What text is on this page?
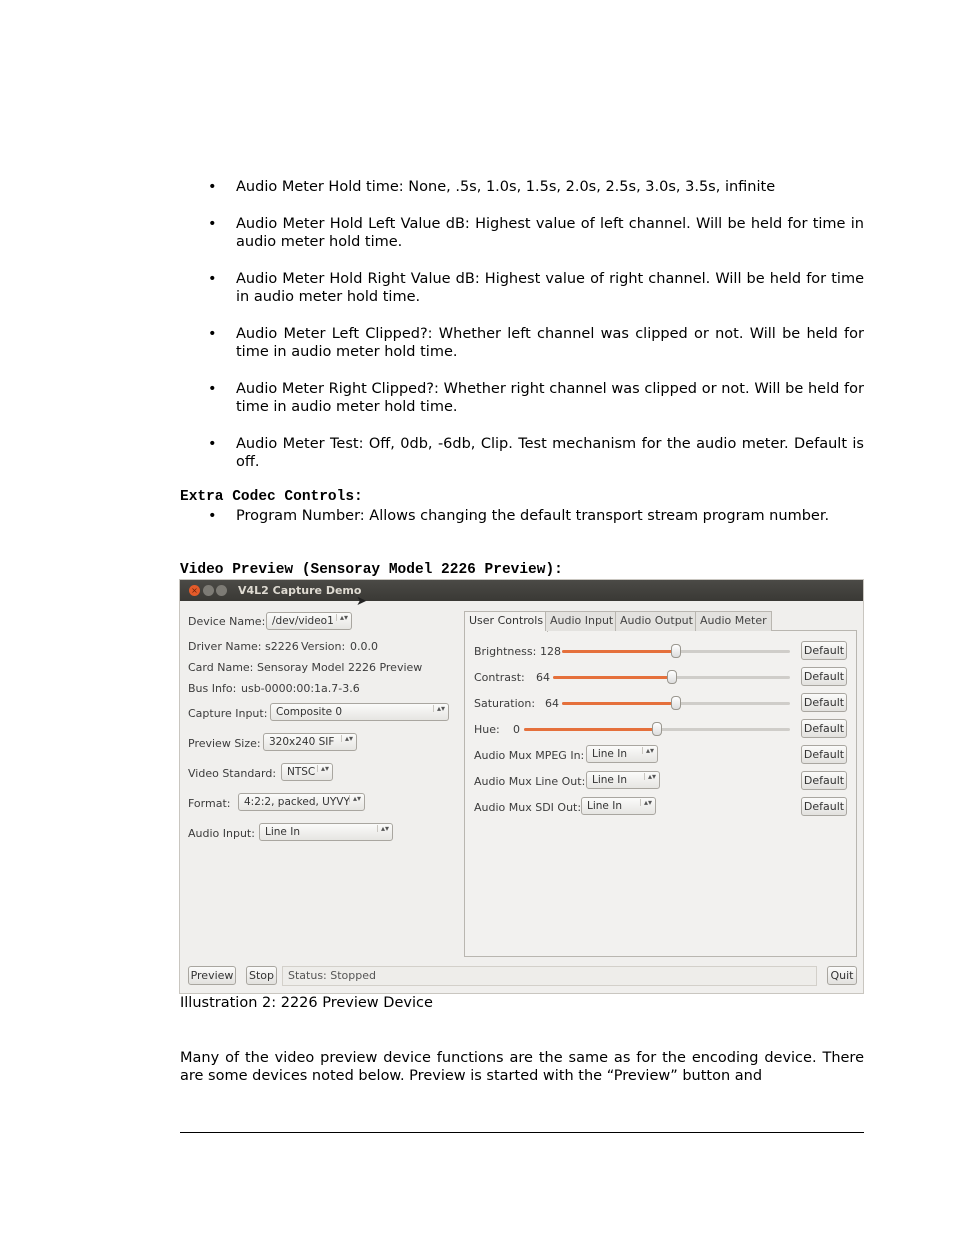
• Audio Meter Hold time: None, .5s, 1.0s, 1.5s, 2.0s, 2.5s, 3.0s, 3.5s, infinite
• Audio Meter Hold Left Value dB: Highest value of left channel. Will be held for time in audio meter hold time.
• Audio Meter Hold Right Value dB: Highest value of right channel. Will be held for time in audio meter hold time.
• Audio Meter Left Clipped?: Whether left channel was clipped or not. Will be held for time in audio meter hold time.
• Audio Meter Right Clipped?: Whether right channel was clipped or not. Will be held for time in audio meter hold time.
• Audio Meter Test: Off, 0db, -6db, Clip. Test mechanism for the audio meter. Default is off.
Extra Codec Controls:
• Program Number: Allows changing the default transport stream program number.
Video Preview (Sensoray Model 2226 Preview):
×	V4L2 Capture Demo
➤
Device Name: /dev/video1 ▴▾
Driver Name: s2226 Version: 0.0.0
Card Name: Sensoray Model 2226 Preview
Bus Info: usb-0000:00:1a.7-3.6
Capture Input: Composite 0	▴▾
Preview Size: 320x240 SIF	▴▾
Video Standard:	NTSC ▴▾
Format:	4:2:2, packed, UYVY ▴▾
Audio Input: Line In	▴▾
User Controls Audio Input Audio Output Audio Meter
Brightness: 128	Default
Contrast: 64	Default
Saturation: 64	Default
Hue: 0	Default
Audio Mux MPEG In: Line In	▴▾	Default
Audio Mux Line Out: Line In	▴▾	Default
Audio Mux SDI Out: Line In	▴▾	Default
Preview Stop	Status: Stopped	Quit
Illustration 2: 2226 Preview Device
Many of the video preview device functions are the same as for the encoding device. There are some devices noted below. Preview is started with the “Preview” button and
